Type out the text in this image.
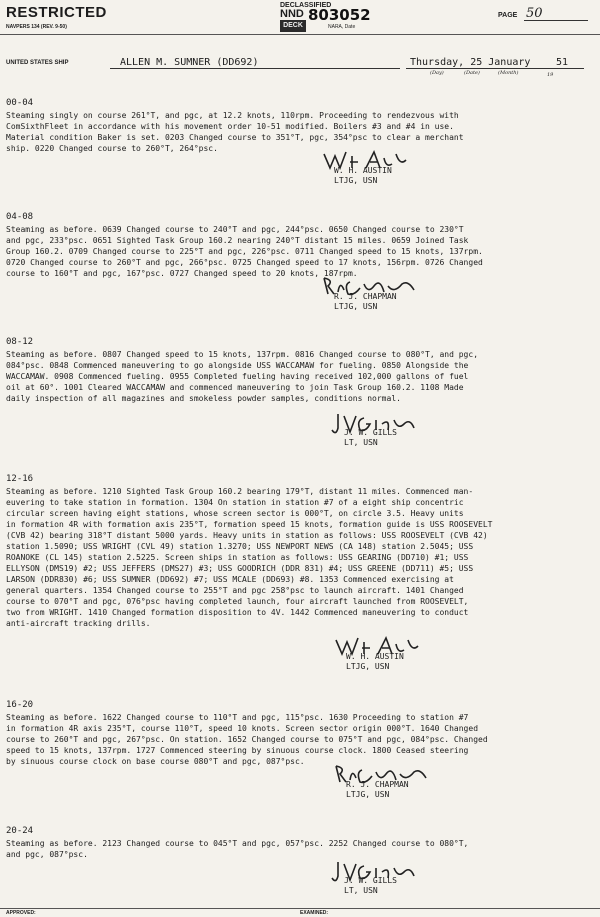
RESTRICTED
NAVPERS 134 (REV. 9-50)
DECLASSIFIED
NND 803052
DECK	NARA, Date
PAGE 50
UNITED STATES SHIP	ALLEN M. SUMNER (DD692)	Thursday, 25 January	51
(Day)	(Date)	(Month)	19
00-04
Steaming singly on course 261°T, and pgc, at 12.2 knots, 110rpm. Proceeding to rendezvous with
ComSixthFleet in accordance with his movement order 10-51 modified. Boilers #3 and #4 in use.
Material condition Baker is set. 0203 Changed course to 351°T, pgc, 354°psc to clear a merchant
ship. 0220 Changed course to 260°T, 264°psc.
W. H. AUSTIN
LTJG, USN
04-08
Steaming as before. 0639 Changed course to 240°T and pgc, 244°psc. 0650 Changed course to 230°T
and pgc, 233°psc. 0651 Sighted Task Group 160.2 nearing 240°T distant 15 miles. 0659 Joined Task
Group 160.2. 0709 Changed course to 225°T and pgc, 226°psc. 0711 Changed speed to 15 knots, 137rpm.
0720 Changed course to 260°T and pgc, 266°psc. 0725 Changed speed to 17 knots, 156rpm. 0726 Changed
course to 160°T and pgc, 167°psc. 0727 Changed speed to 20 knots, 187rpm.
R. J. CHAPMAN
LTJG, USN
08-12
Steaming as before. 0807 Changed speed to 15 knots, 137rpm. 0816 Changed course to 080°T, and pgc,
084°psc. 0848 Commenced maneuvering to go alongside USS WACCAMAW for fueling. 0850 Alongside the
WACCAMAW. 0908 Commenced fueling. 0955 Completed fueling having received 102,000 gallons of fuel
oil at 60°. 1001 Cleared WACCAMAW and commenced maneuvering to join Task Group 160.2. 1108 Made
daily inspection of all magazines and smokeless powder samples, conditions normal.
J. W. GILLS
LT, USN
12-16
Steaming as before. 1210 Sighted Task Group 160.2 bearing 179°T, distant 11 miles. Commenced man-
euvering to take station in formation. 1304 On station in station #7 of a eight ship concentric
circular screen having eight stations, whose screen sector is 000°T, on circle 3.5. Heavy units
in formation 4R with formation axis 235°T, formation speed 15 knots, formation guide is USS ROOSEVELT
(CVB 42) bearing 318°T distant 5000 yards. Heavy units in station as follows: USS ROOSEVELT (CVB 42)
station 1.5090; USS WRIGHT (CVL 49) station 1.3270; USS NEWPORT NEWS (CA 148) station 2.5045; USS
ROANOKE (CL 145) station 2.5225. Screen ships in station as follows: USS GEARING (DD710) #1; USS
ELLYSON (DMS19) #2; USS JEFFERS (DMS27) #3; USS GOODRICH (DDR 831) #4; USS GREENE (DD711) #5; USS
LARSON (DDR830) #6; USS SUMNER (DD692) #7; USS MCALE (DD693) #8. 1353 Commenced exercising at
general quarters. 1354 Changed course to 255°T and pgc 258°psc to launch aircraft. 1401 Changed
course to 070°T and pgc, 076°psc having completed launch, four aircraft launched from ROOSEVELT,
two from WRIGHT. 1410 Changed formation disposition to 4V. 1442 Commenced maneuvering to conduct
anti-aircraft tracking drills.
W. H. AUSTIN
LTJG, USN
16-20
Steaming as before. 1622 Changed course to 110°T and pgc, 115°psc. 1630 Proceeding to station #7
in formation 4R axis 235°T, course 110°T, speed 10 knots. Screen sector origin 000°T. 1640 Changed
course to 260°T and pgc, 267°psc. On station. 1652 Changed course to 075°T and pgc, 084°psc. Changed
speed to 15 knots, 137rpm. 1727 Commenced steering by sinuous course clock. 1800 Ceased steering
by sinuous course clock on base course 080°T and pgc, 087°psc.
R. J. CHAPMAN
LTJG, USN
20-24
Steaming as before. 2123 Changed course to 045°T and pgc, 057°psc. 2252 Changed course to 080°T,
and pgc, 087°psc.
J. W. GILLS
LT, USN
APPROVED:	EXAMINED:
